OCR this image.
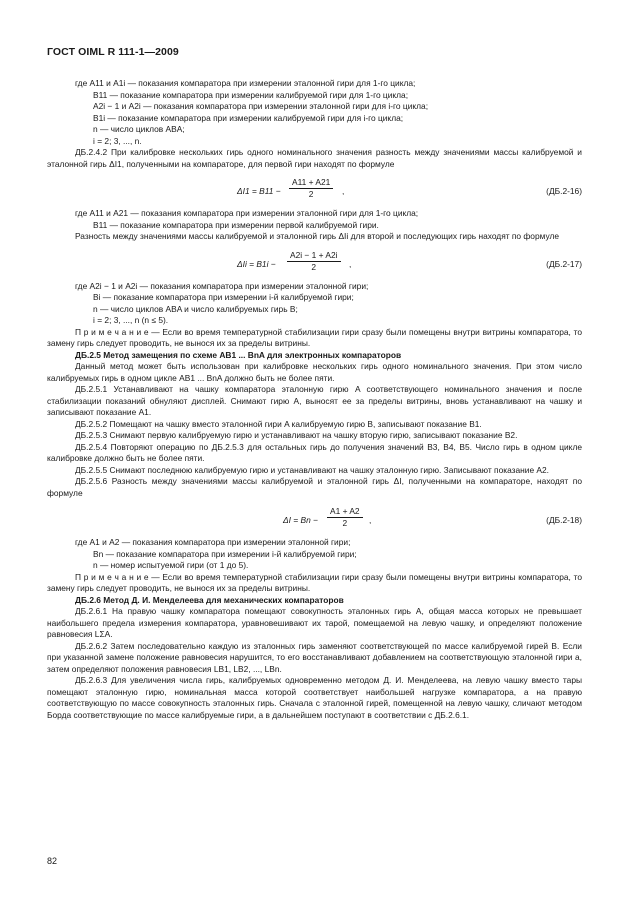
ГОСТ OIML R 111-1—2009
где A11 и A1i — показания компаратора при измерении эталонной гири для 1-го цикла;
B11 — показание компаратора при измерении калибруемой гири для 1-го цикла;
A2i − 1 и A2i — показания компаратора при измерении эталонной гири для i-го цикла;
B1i — показание компаратора при измерении калибруемой гири для i-го цикла;
n — число циклов ABA;
i = 2; 3, ..., n.

ДБ.2.4.2 При калибровке нескольких гирь одного номинального значения разность между значениями массы калибруемой и эталонной гирь ΔI1, полученными на компараторе, для первой гири находят по формуле

$\Delta I1 = B11 - \frac{A11 + A21}{2}$ ,	(ДБ.2-16)
где A11 и A21 — показания компаратора при измерении эталонной гири для 1-го цикла;
B11 — показание компаратора при измерении первой калибруемой гири.

Разность между значениями массы калибруемой и эталонной гирь ΔIi для второй и последующих гирь находят по формуле

$\Delta Ii = B1i - \frac{A2i - 1 + A2i}{2}$ ,	(ДБ.2-17)
где A2i − 1 и A2i — показания компаратора при измерении эталонной гири;
Bi — показание компаратора при измерении i-й калибруемой гири;
n — число циклов ABA и число калибруемых гирь B;
i = 2; 3, ..., n (n ≤ 5).

П р и м е ч а н и е — Если во время температурной стабилизации гири сразу были помещены внутри витрины компаратора, то замену гирь следует проводить, не вынося их за пределы витрины.

ДБ.2.5 Метод замещения по схеме AB1 ... BnA для электронных компараторов

Данный метод может быть использован при калибровке нескольких гирь одного номинального значения. При этом число калибруемых гирь в одном цикле AB1 ... BnA должно быть не более пяти.

ДБ.2.5.1 Устанавливают на чашку компаратора эталонную гирю A соответствующего номинального значения и после стабилизации показаний обнуляют дисплей. Снимают гирю A, выносят ее за пределы витрины, вновь устанавливают на чашку и записывают показание A1.

ДБ.2.5.2 Помещают на чашку вместо эталонной гири A калибруемую гирю B, записывают показание B1.

ДБ.2.5.3 Снимают первую калибруемую гирю и устанавливают на чашку вторую гирю, записывают показание B2.

ДБ.2.5.4 Повторяют операцию по ДБ.2.5.3 для остальных гирь до получения значений B3, B4, B5. Число гирь в одном цикле калибровке должно быть не более пяти.

ДБ.2.5.5 Снимают последнюю калибруемую гирю и устанавливают на чашку эталонную гирю. Записывают показание A2.

ДБ.2.5.6 Разность между значениями массы калибруемой и эталонной гирь ΔI, полученными на компараторе, находят по формуле

$\Delta I = Bn - \frac{A1 + A2}{2}$ ,	(ДБ.2-18)
где A1 и A2 — показания компаратора при измерении эталонной гири;
Bn — показание компаратора при измерении i-й калибруемой гири;
n — номер испытуемой гири (от 1 до 5).

П р и м е ч а н и е — Если во время температурной стабилизации гири сразу были помещены внутри витрины компаратора, то замену гирь следует проводить, не вынося их за пределы витрины.

ДБ.2.6 Метод Д. И. Менделеева для механических компараторов

ДБ.2.6.1 На правую чашку компаратора помещают совокупность эталонных гирь A, общая масса которых не превышает наибольшего предела измерения компаратора, уравновешивают их тарой, помещаемой на левую чашку, и определяют положение равновесия LΣA.

ДБ.2.6.2 Затем последовательно каждую из эталонных гирь заменяют соответствующей по массе калибруемой гирей B. Если при указанной замене положение равновесия нарушится, то его восстанавливают добавлением на соответствующую эталонной гири a, затем определяют положения равновесия LB1, LB2, ..., LBn.

ДБ.2.6.3 Для увеличения числа гирь, калибруемых одновременно методом Д. И. Менделеева, на левую чашку вместо тары помещают эталонную гирю, номинальная масса которой соответствует наибольшей нагрузке компаратора, а на правую соответствующую по массе совокупность эталонных гирь. Сначала с эталонной гирей, помещенной на левую чашку, сличают методом Борда соответствующие по массе калибруемые гири, а в дальнейшем поступают в соответствии с ДБ.2.6.1.

82
